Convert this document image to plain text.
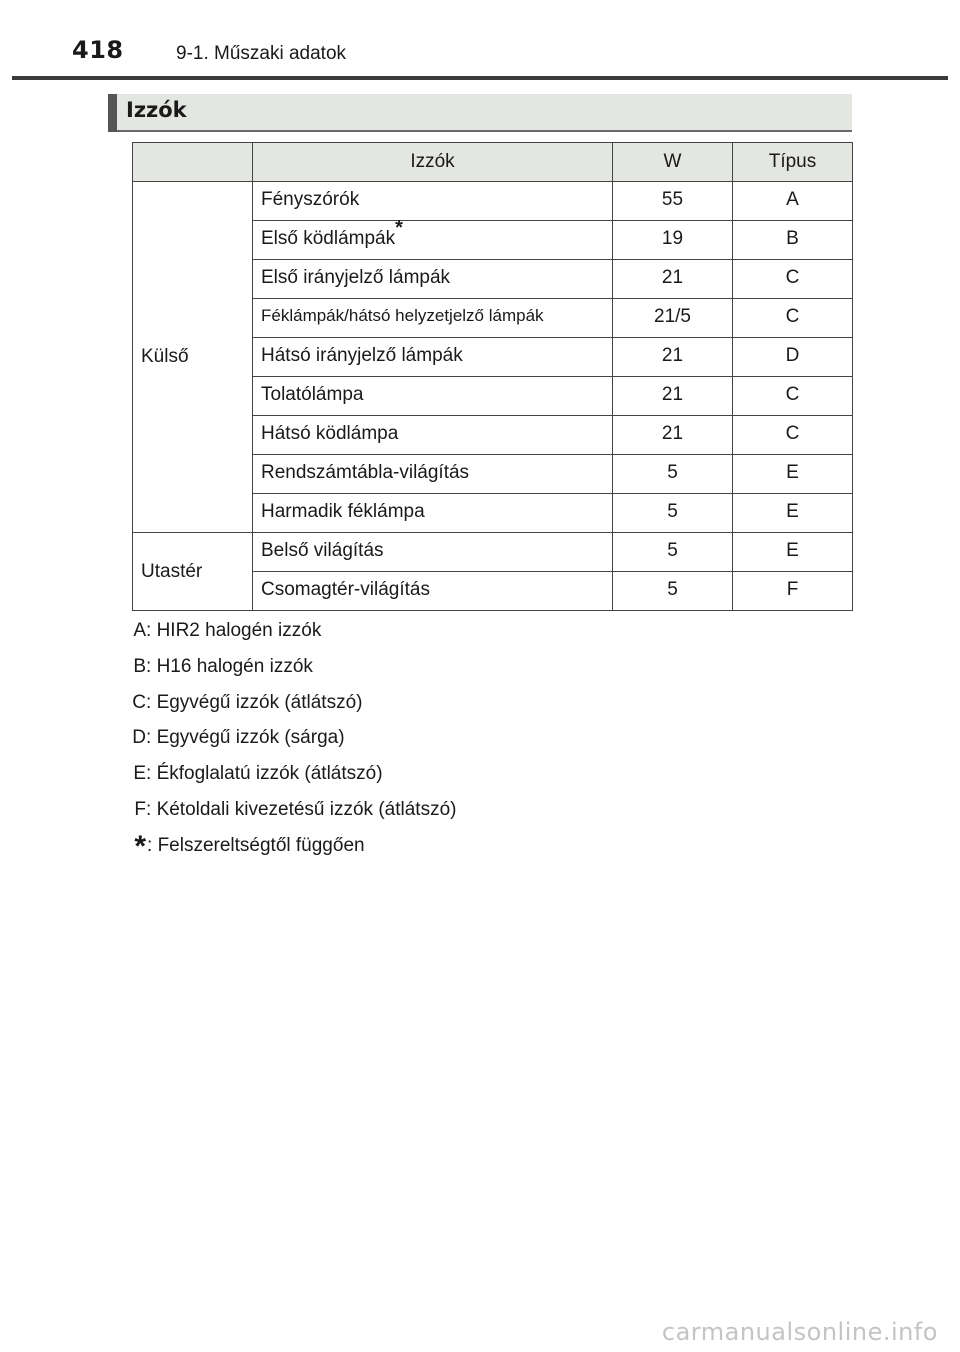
418	9-1. Műszaki adatok
Izzók
	Izzók	W	Típus
Külső	Fényszórók	55	A
	Első ködlámpák*	19	B
	Első irányjelző lámpák	21	C
	Féklámpák/hátsó helyzetjelző lámpák	21/5	C
	Hátsó irányjelző lámpák	21	D
	Tolatólámpa	21	C
	Hátsó ködlámpa	21	C
	Rendszámtábla-világítás	5	E
	Harmadik féklámpa	5	E
Utastér	Belső világítás	5	E
	Csomagtér-világítás	5	F
A: HIR2 halogén izzók
B: H16 halogén izzók
C: Egyvégű izzók (átlátszó)
D: Egyvégű izzók (sárga)
E: Ékfoglalatú izzók (átlátszó)
F: Kétoldali kivezetésű izzók (átlátszó)
*: Felszereltségtől függően
carmanualsonline.info
